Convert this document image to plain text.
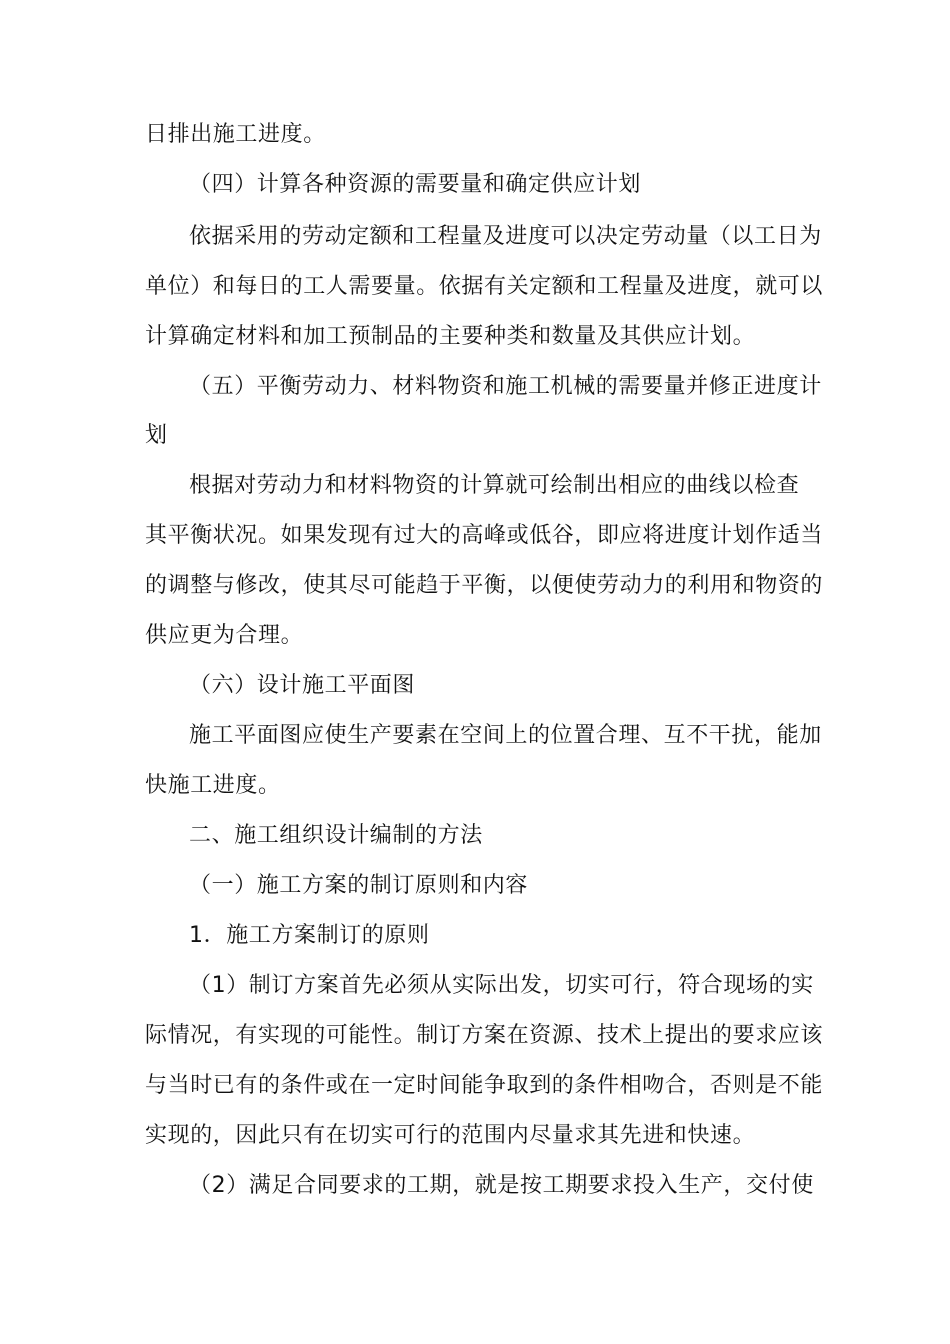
日排出施工进度。
（四）计算各种资源的需要量和确定供应计划
依据采用的劳动定额和工程量及进度可以决定劳动量（以工日为
单位）和每日的工人需要量。依据有关定额和工程量及进度，就可以
计算确定材料和加工预制品的主要种类和数量及其供应计划。
（五）平衡劳动力、材料物资和施工机械的需要量并修正进度计
划
根据对劳动力和材料物资的计算就可绘制出相应的曲线以检查
其平衡状况。如果发现有过大的高峰或低谷，即应将进度计划作适当
的调整与修改，使其尽可能趋于平衡，以便使劳动力的利用和物资的
供应更为合理。
（六）设计施工平面图
施工平面图应使生产要素在空间上的位置合理、互不干扰，能加
快施工进度。
二、施工组织设计编制的方法
（一）施工方案的制订原则和内容
1．施工方案制订的原则
（1）制订方案首先必须从实际出发，切实可行，符合现场的实
际情况，有实现的可能性。制订方案在资源、技术上提出的要求应该
与当时已有的条件或在一定时间能争取到的条件相吻合，否则是不能
实现的，因此只有在切实可行的范围内尽量求其先进和快速。
（2）满足合同要求的工期，就是按工期要求投入生产，交付使
